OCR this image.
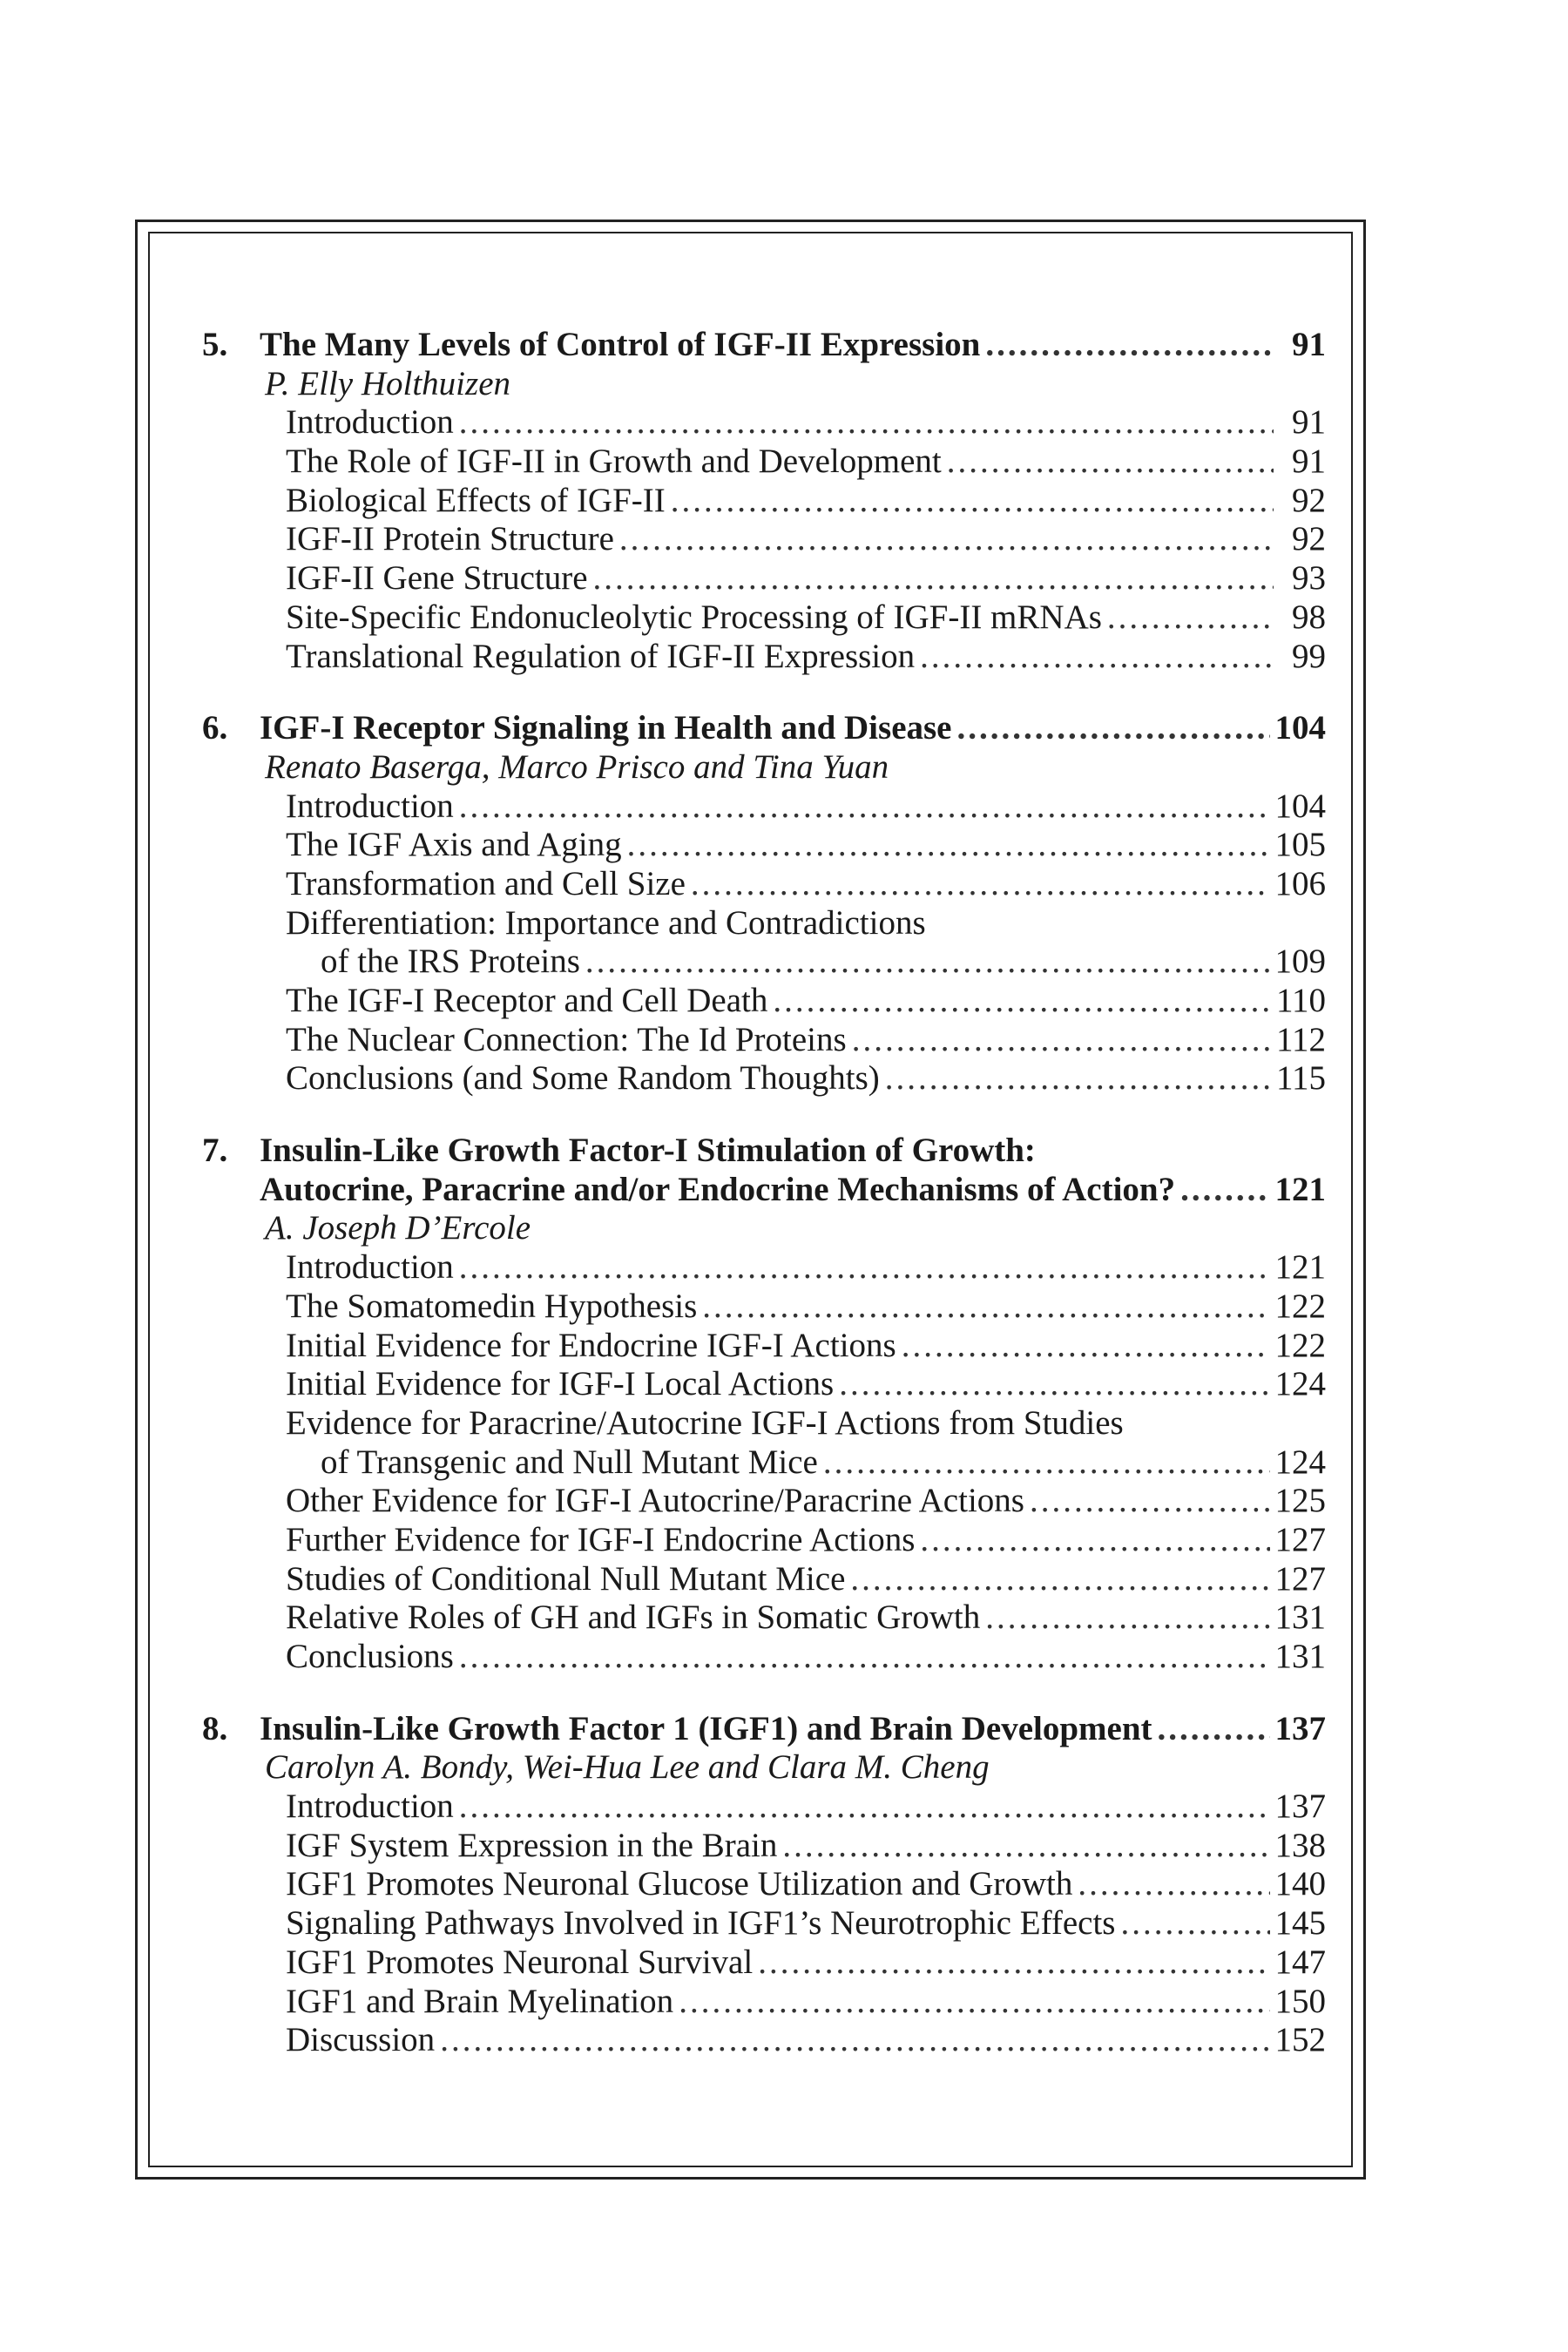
5. The Many Levels of Control of IGF-II Expression .....	91
P. Elly Holthuizen
Introduction .....	91
The Role of IGF-II in Growth and Development .....	91
Biological Effects of IGF-II .....	92
IGF-II Protein Structure .....	92
IGF-II Gene Structure .....	93
Site-Specific Endonucleolytic Processing of IGF-II mRNAs .....	98
Translational Regulation of IGF-II Expression .....	99
6. IGF-I Receptor Signaling in Health and Disease .....	104
Renato Baserga, Marco Prisco and Tina Yuan
Introduction .....	104
The IGF Axis and Aging .....	105
Transformation and Cell Size .....	106
Differentiation: Importance and Contradictions
of the IRS Proteins .....	109
The IGF-I Receptor and Cell Death .....	110
The Nuclear Connection: The Id Proteins .....	112
Conclusions (and Some Random Thoughts) .....	115
7. Insulin-Like Growth Factor-I Stimulation of Growth:
Autocrine, Paracrine and/or Endocrine Mechanisms of Action? .....	121
A. Joseph D’Ercole
Introduction .....	121
The Somatomedin Hypothesis .....	122
Initial Evidence for Endocrine IGF-I Actions .....	122
Initial Evidence for IGF-I Local Actions .....	124
Evidence for Paracrine/Autocrine IGF-I Actions from Studies
of Transgenic and Null Mutant Mice .....	124
Other Evidence for IGF-I Autocrine/Paracrine Actions .....	125
Further Evidence for IGF-I Endocrine Actions .....	127
Studies of Conditional Null Mutant Mice .....	127
Relative Roles of GH and IGFs in Somatic Growth .....	131
Conclusions .....	131
8. Insulin-Like Growth Factor 1 (IGF1) and Brain Development .....	137
Carolyn A. Bondy, Wei-Hua Lee and Clara M. Cheng
Introduction .....	137
IGF System Expression in the Brain .....	138
IGF1 Promotes Neuronal Glucose Utilization and Growth .....	140
Signaling Pathways Involved in IGF1’s Neurotrophic Effects .....	145
IGF1 Promotes Neuronal Survival .....	147
IGF1 and Brain Myelination .....	150
Discussion .....	152
